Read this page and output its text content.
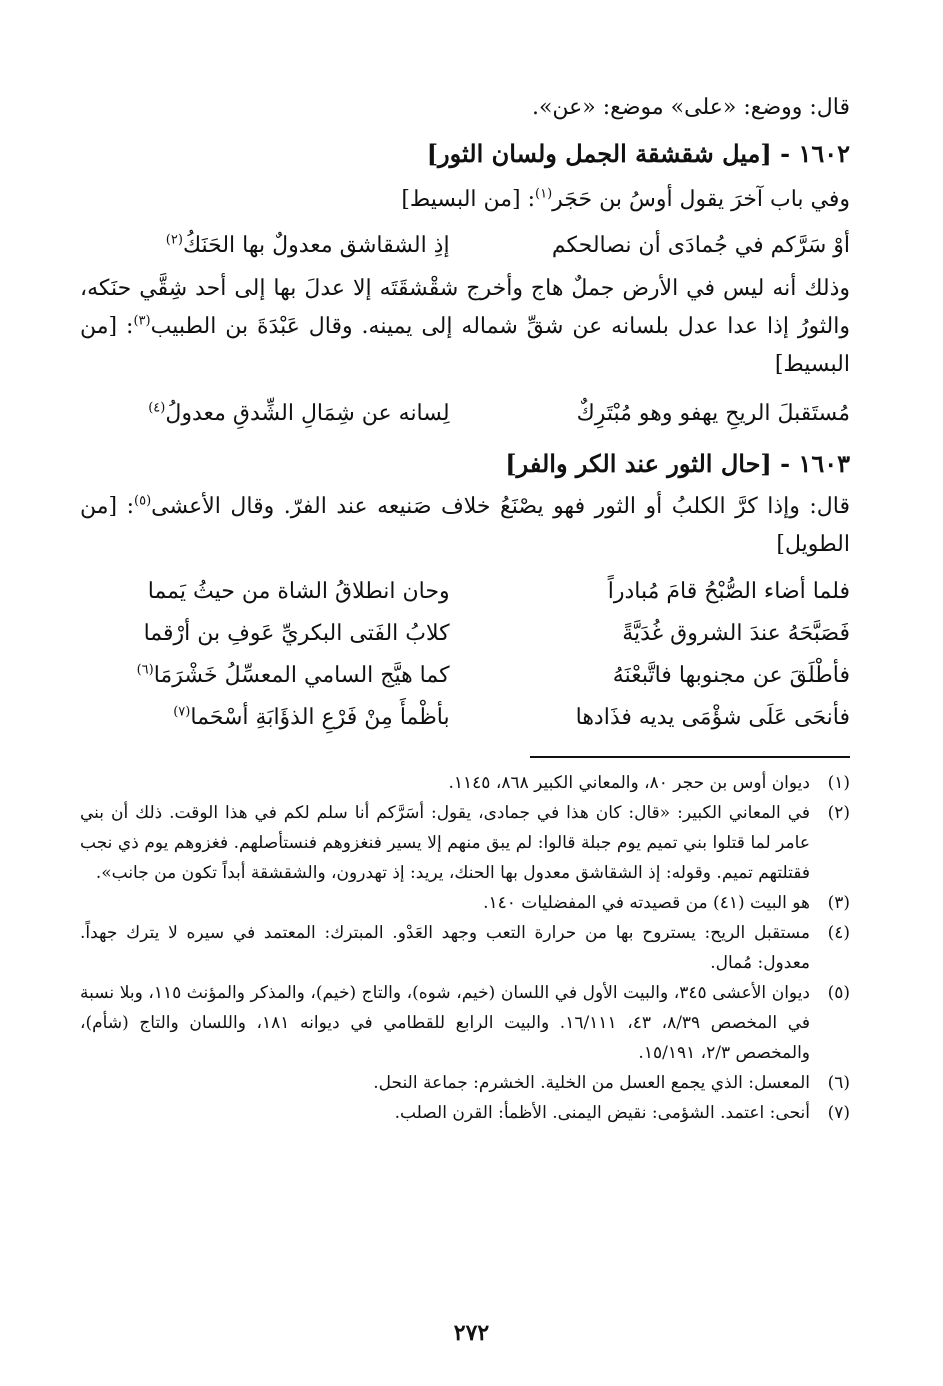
قال: ووضع: «على» موضع: «عن».
١٦٠٢ - [ميل شقشقة الجمل ولسان الثور]
وفي باب آخرَ يقول أوسُ بن حَجَر$^{(١)}$: [من البسيط]
أوْ سَرَّكم في جُمادَى أن نصالحكم
إذِ الشقاشق معدولٌ بها الحَنَكُ$^{(٢)}$
وذلك أنه ليس في الأرض جملٌ هاج وأخرج شقْشقَتَه إلا عدلَ بها إلى أحد شِقَّي حنَكه، والثورُ إذا عدا عدل بلسانه عن شقِّ شماله إلى يمينه. وقال عَبْدَةَ بن الطبيب$^{(٣)}$: [من البسيط]
مُستَقبلَ الريحِ يهفو وهو مُبْتَرِكٌ
لِسانه عن شِمَالِ الشِّدقِ معدولُ$^{(٤)}$
١٦٠٣ - [حال الثور عند الكر والفر]
قال: وإذا كرَّ الكلبُ أو الثور فهو يصْنَعُ خلاف صَنيعه عند الفرّ. وقال الأعشى$^{(٥)}$: [من الطويل]
فلما أضاء الصُّبْحُ قامَ مُبادراً
وحان انطلاقُ الشاة من حيثُ يَمما
فَصَبَّحَهُ عندَ الشروق غُدَيَّةً
كلابُ الفَتى البكريِّ عَوفِ بن أرْقما
فأطْلَقَ عن مجنوبها فاتَّبعْنَهُ
كما هيَّج السامي المعسِّلُ خَشْرَمَا$^{(٦)}$
فأنحَى عَلَى شؤْمَى يديه فذَادها
بأظْمأَ مِنْ فَرْعِ الذؤَابَةِ أسْحَما$^{(٧)}$
(١)
ديوان أوس بن حجر ٨٠، والمعاني الكبير ٨٦٨، ١١٤٥.
(٢)
في المعاني الكبير: «قال: كان هذا في جمادى، يقول: أسَرَّكم أنا سلم لكم في هذا الوقت. ذلك أن بني عامر لما قتلوا بني تميم يوم جبلة قالوا: لم يبق منهم إلا يسير فنغزوهم فنستأصلهم. فغزوهم يوم ذي نجب فقتلتهم تميم. وقوله: إذ الشقاشق معدول بها الحنك، يريد: إذ تهدرون، والشقشقة أبداً تكون من جانب».
(٣)
هو البيت (٤١) من قصيدته في المفضليات ١٤٠.
(٤)
مستقبل الريح: يستروح بها من حرارة التعب وجهد العَدْو. المبترك: المعتمد في سيره لا يترك جهداً. معدول: مُمال.
(٥)
ديوان الأعشى ٣٤٥، والبيت الأول في اللسان (خيم، شوه)، والتاج (خيم)، والمذكر والمؤنث ١١٥، وبلا نسبة في المخصص ٨/٣٩، ٤٣، ١٦/١١١. والبيت الرابع للقطامي في ديوانه ١٨١، واللسان والتاج (شأم)، والمخصص ٢/٣، ١٥/١٩١.
(٦)
المعسل: الذي يجمع العسل من الخلية. الخشرم: جماعة النحل.
(٧)
أنحى: اعتمد. الشؤمى: نقيض اليمنى. الأظمأ: القرن الصلب.
٢٧٢
